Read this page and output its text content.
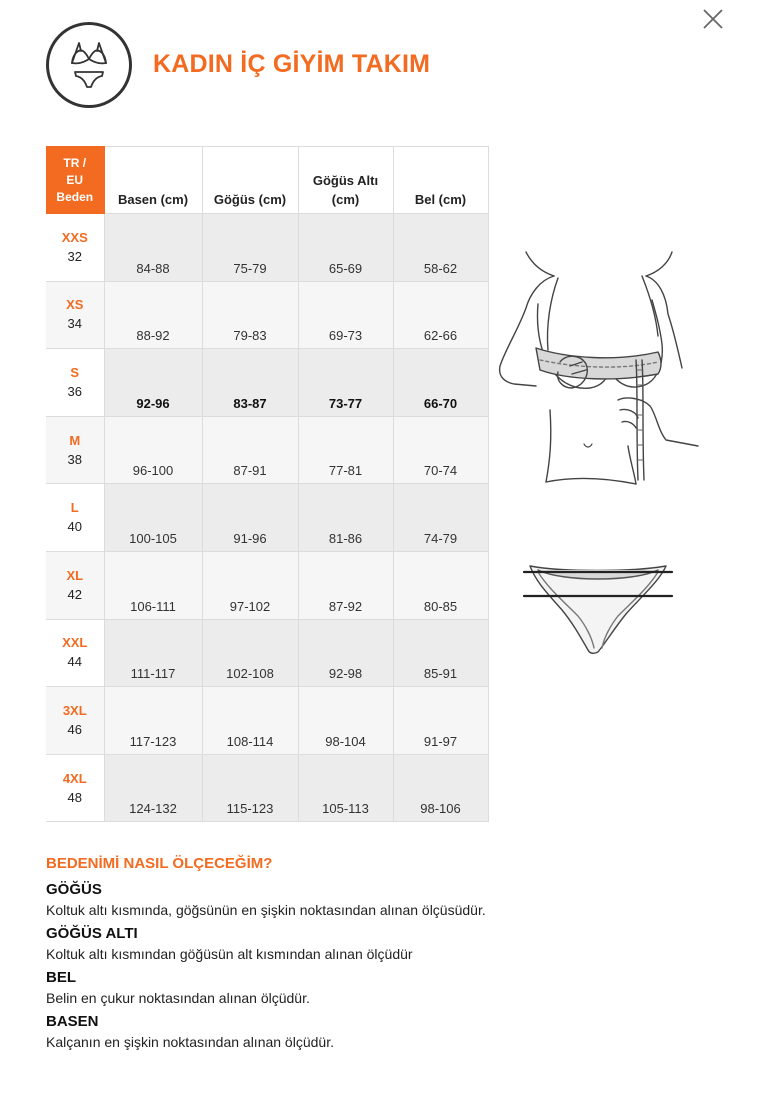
KADIN İÇ GİYİM TAKIM
TR /
EU
Beden	Basen (cm)	Göğüs (cm)	Göğüs Altı
(cm)	Bel (cm)

XXS
32	84-88	75-79	65-69	58-62

XS
34	88-92	79-83	69-73	62-66

S
36	92-96	83-87	73-77	66-70

M
38	96-100	87-91	77-81	70-74

L
40	100-105	91-96	81-86	74-79

XL
42	106-111	97-102	87-92	80-85

XXL
44	111-117	102-108	92-98	85-91

3XL
46	117-123	108-114	98-104	91-97

4XL
48	124-132	115-123	105-113	98-106
BEDENİMİ NASIL ÖLÇECEĞİM?
GÖĞÜS
Koltuk altı kısmında, göğsünün en şişkin noktasından alınan ölçüsüdür.
GÖĞÜS ALTI
Koltuk altı kısmından göğüsün alt kısmından alınan ölçüdür
BEL
Belin en çukur noktasından alınan ölçüdür.
BASEN
Kalçanın en şişkin noktasından alınan ölçüdür.
